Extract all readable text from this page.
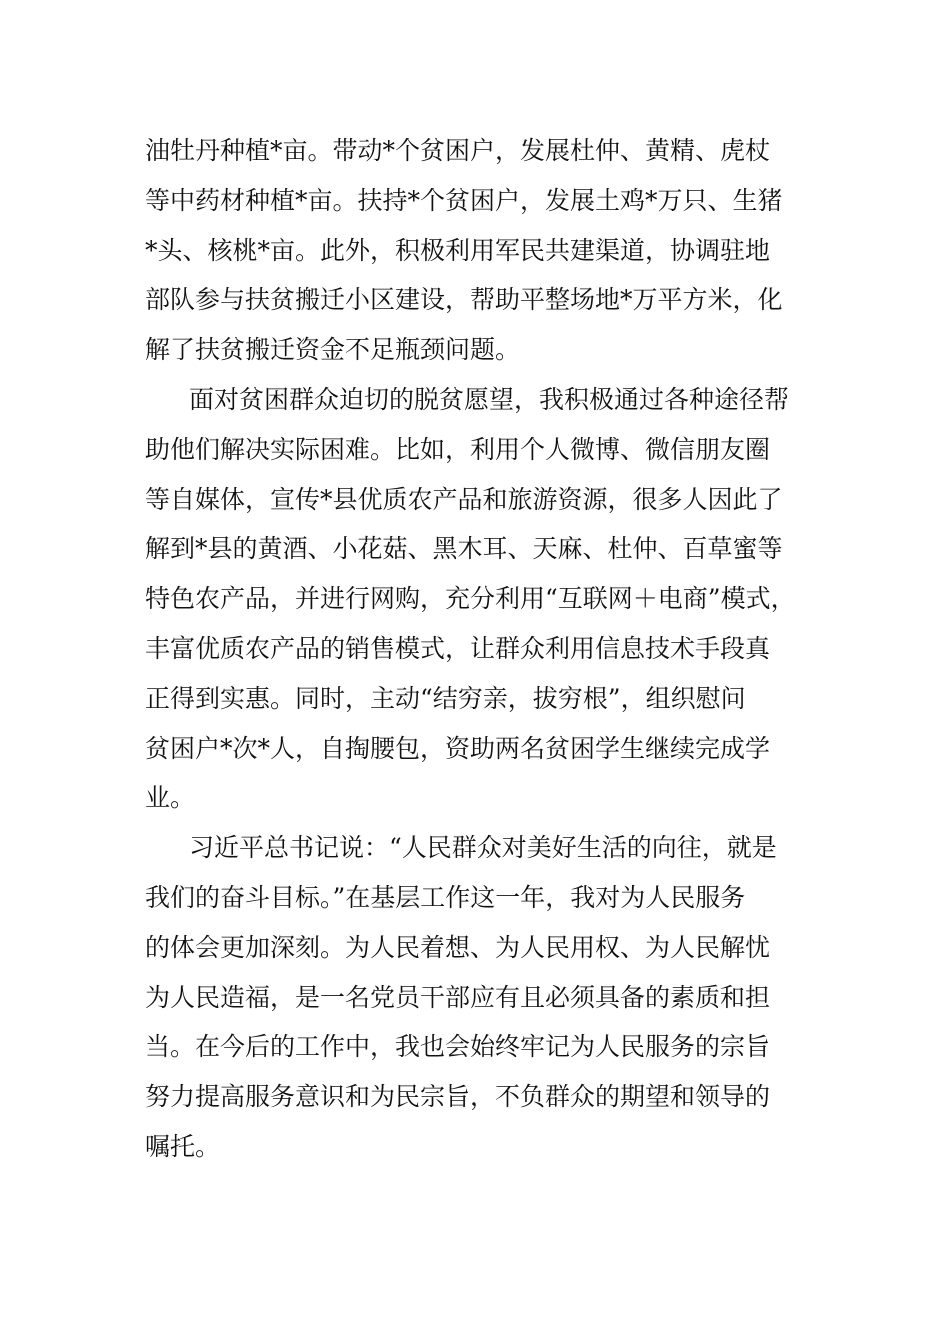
油牡丹种植*亩。带动*个贫困户，发展杜仲、黄精、虎杖
等中药材种植*亩。扶持*个贫困户，发展土鸡*万只、生猪
*头、核桃*亩。此外，积极利用军民共建渠道，协调驻地
部队参与扶贫搬迁小区建设，帮助平整场地*万平方米，化
解了扶贫搬迁资金不足瓶颈问题。
面对贫困群众迫切的脱贫愿望，我积极通过各种途径帮
助他们解决实际困难。比如，利用个人微博、微信朋友圈
等自媒体，宣传*县优质农产品和旅游资源，很多人因此了
解到*县的黄酒、小花菇、黑木耳、天麻、杜仲、百草蜜等
特色农产品，并进行网购，充分利用“互联网＋电商”模式，
丰富优质农产品的销售模式，让群众利用信息技术手段真
正得到实惠。同时，主动“结穷亲，拔穷根”，组织慰问
贫困户*次*人，自掏腰包，资助两名贫困学生继续完成学
业。
习近平总书记说：“人民群众对美好生活的向往，就是
我们的奋斗目标。”在基层工作这一年，我对为人民服务
的体会更加深刻。为人民着想、为人民用权、为人民解忧
为人民造福，是一名党员干部应有且必须具备的素质和担
当。在今后的工作中，我也会始终牢记为人民服务的宗旨
努力提高服务意识和为民宗旨，不负群众的期望和领导的
嘱托。
